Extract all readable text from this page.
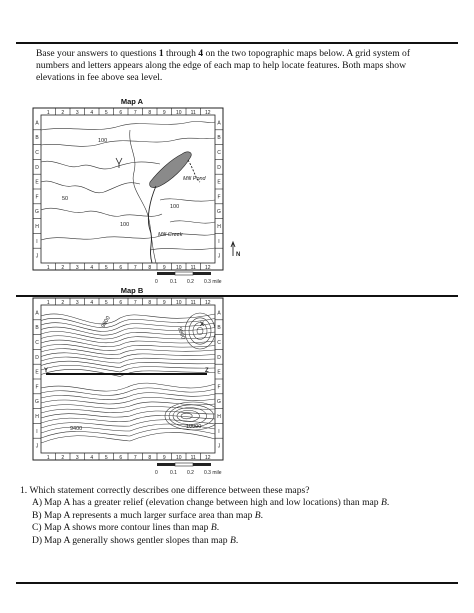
Base your answers to questions 1 through 4 on the two topographic maps below. A grid system of numbers and letters appears along the edge of each map to help locate features. Both maps show elevations in fee above sea level.
Map A
1
1
2
2
3
3
4
4
5
5
6
6
7
7
8
8
9
9
10
10
11
11
12
12
A	A
B	B
C	C
D	D
E	E
F	F
G	G
H	H
I	I
J	J
100
100
50
100
Mill Pond
Mill Creek
N
0 0.1 0.2 0.3 mile
Map B
1
1
2
2
3
3
4
4
5
5
6
6
7
7
8
8
9
9
10
10
11
11
12
12
A	A
B	B
C	C
D	D
E	E
F	F
G	G
H	H
I	I
J	J
9800
9800
9400	10000
X
Y	Z
0 0.1 0.2 0.3 mile
1. Which statement correctly describes one difference between these maps?
A) Map A has a greater relief (elevation change between high and low locations) than map B.
B) Map A represents a much larger surface area than map B.
C) Map A shows more contour lines than map B.
D) Map A generally shows gentler slopes than map B.
